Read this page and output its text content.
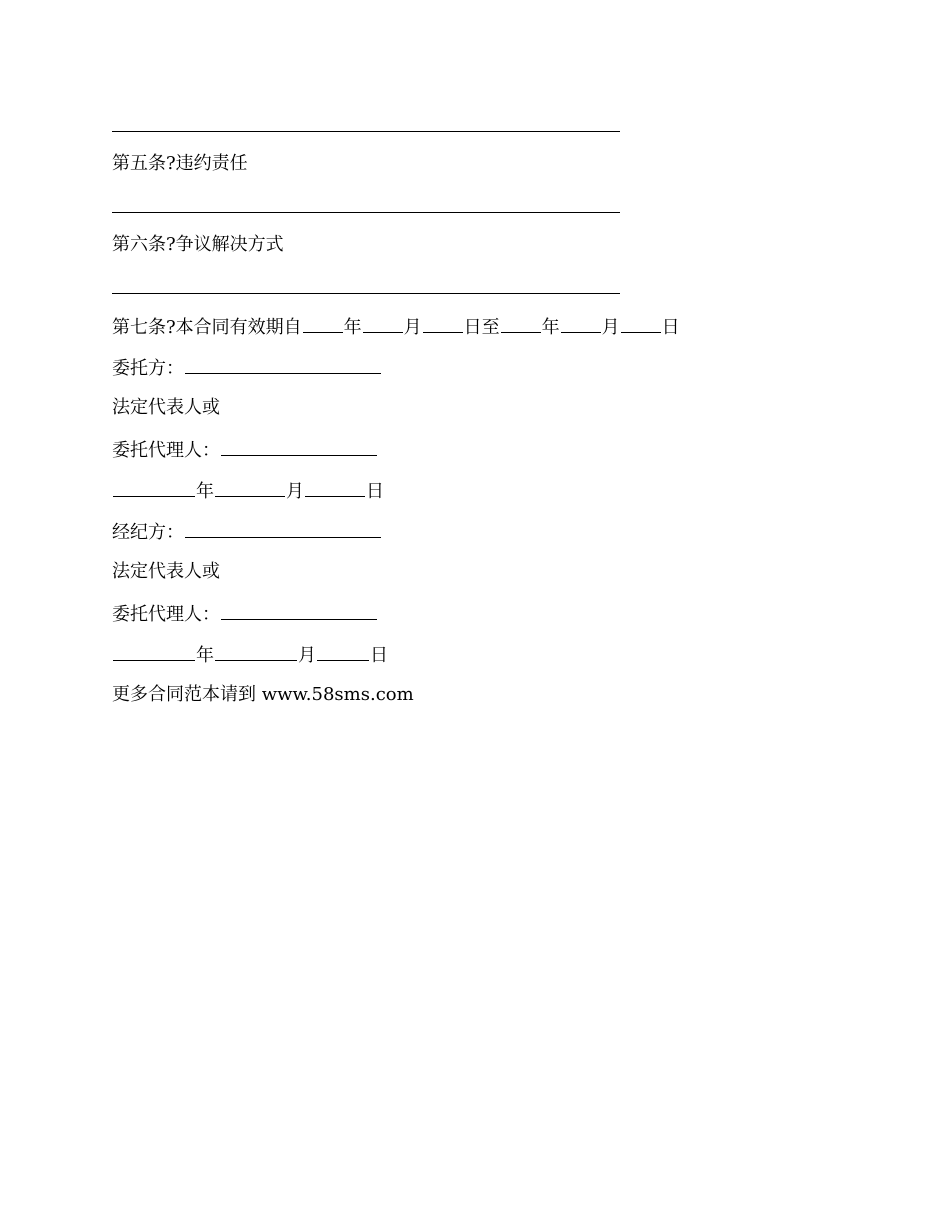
第五条?违约责任
第六条?争议解决方式
第七条?本合同有效期自 年 月 日至 年 月 日
委托方：
法定代表人或
委托代理人：
年	月	日
经纪方：
法定代表人或
委托代理人：
年	月	日
更多合同范本请到 www.58sms.com
